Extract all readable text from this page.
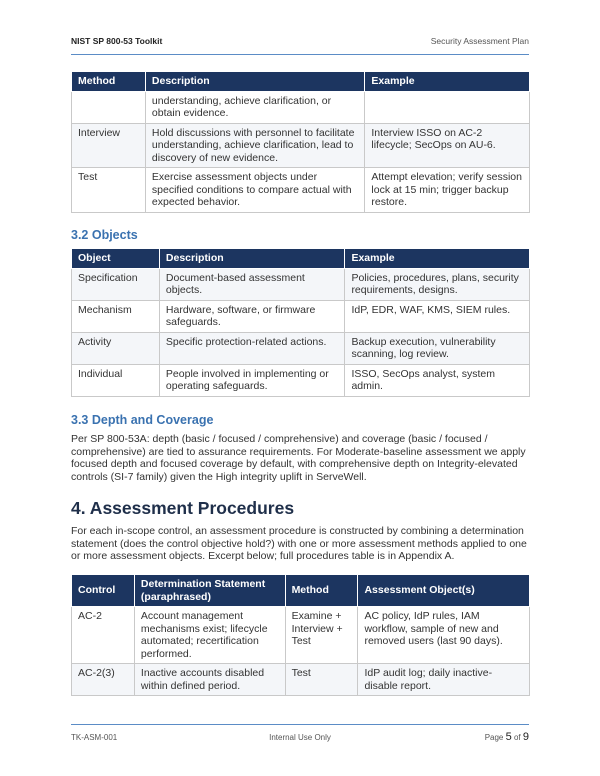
NIST SP 800-53 Toolkit	Security Assessment Plan
Method	Description	Example
	understanding, achieve clarification, or obtain evidence.	
Interview	Hold discussions with personnel to facilitate understanding, achieve clarification, lead to discovery of new evidence.	Interview ISSO on AC-2 lifecycle; SecOps on AU-6.
Test	Exercise assessment objects under specified conditions to compare actual with expected behavior.	Attempt elevation; verify session lock at 15 min; trigger backup restore.
3.2 Objects
Object	Description	Example
Specification	Document-based assessment objects.	Policies, procedures, plans, security requirements, designs.
Mechanism	Hardware, software, or firmware safeguards.	IdP, EDR, WAF, KMS, SIEM rules.
Activity	Specific protection-related actions.	Backup execution, vulnerability scanning, log review.
Individual	People involved in implementing or operating safeguards.	ISSO, SecOps analyst, system admin.
3.3 Depth and Coverage
Per SP 800-53A: depth (basic / focused / comprehensive) and coverage (basic / focused / comprehensive) are tied to assurance requirements. For Moderate-baseline assessment we apply focused depth and focused coverage by default, with comprehensive depth on Integrity-elevated controls (SI-7 family) given the High integrity uplift in ServeWell.
4. Assessment Procedures
For each in-scope control, an assessment procedure is constructed by combining a determination statement (does the control objective hold?) with one or more assessment methods applied to one or more assessment objects. Excerpt below; full procedures table is in Appendix A.
Control	Determination Statement (paraphrased)	Method	Assessment Object(s)
AC-2	Account management mechanisms exist; lifecycle automated; recertification performed.	Examine + Interview + Test	AC policy, IdP rules, IAM workflow, sample of new and removed users (last 90 days).
AC-2(3)	Inactive accounts disabled within defined period.	Test	IdP audit log; daily inactive-disable report.
TK-ASM-001	Internal Use Only	Page 5 of 9
